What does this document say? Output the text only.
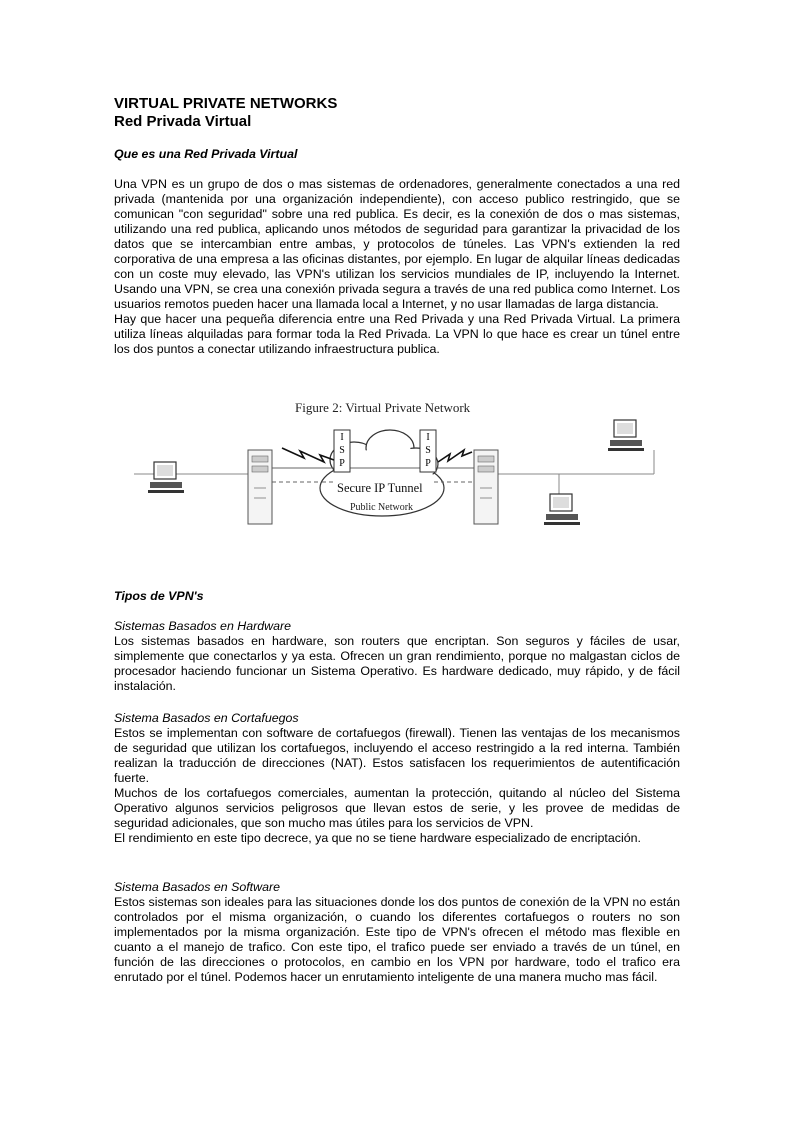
VIRTUAL PRIVATE NETWORKS
Red Privada Virtual
Que es una Red Privada Virtual

Una VPN es un grupo de dos o mas sistemas de ordenadores, generalmente conectados a una red privada (mantenida por una organización independiente), con acceso publico restringido, que se comunican "con seguridad" sobre una red publica. Es decir, es la conexión de dos o mas sistemas, utilizando una red publica, aplicando unos métodos de seguridad para garantizar la privacidad de los datos que se intercambian entre ambas, y protocolos de túneles. Las VPN's extienden la red corporativa de una empresa a las oficinas distantes, por ejemplo. En lugar de alquilar líneas dedicadas con un coste muy elevado, las VPN's utilizan los servicios mundiales de IP, incluyendo la Internet. Usando una VPN, se crea una conexión privada segura a través de una red publica como Internet. Los usuarios remotos pueden hacer una llamada local a Internet, y no usar llamadas de larga distancia.

Hay que hacer una pequeña diferencia entre una Red Privada y una Red Privada Virtual. La primera utiliza líneas alquiladas para formar toda la Red Privada. La VPN lo que hace es crear un túnel entre los dos puntos a conectar utilizando infraestructura publica.

Figure 2: Virtual Private Network
Secure IP Tunnel
Public Network
I
S
P
I
S
P
Tipos de VPN's

Sistemas Basados en Hardware

Los sistemas basados en hardware, son routers que encriptan. Son seguros y fáciles de usar, simplemente que conectarlos y ya esta. Ofrecen un gran rendimiento, porque no malgastan ciclos de procesador haciendo funcionar un Sistema Operativo. Es hardware dedicado, muy rápido, y de fácil instalación.

Sistema Basados en Cortafuegos

Estos se implementan con software de cortafuegos (firewall). Tienen las ventajas de los mecanismos de seguridad que utilizan los cortafuegos, incluyendo el acceso restringido a la red interna. También realizan la traducción de direcciones (NAT). Estos satisfacen los requerimientos de autentificación fuerte.

Muchos de los cortafuegos comerciales, aumentan la protección, quitando al núcleo del Sistema Operativo algunos servicios peligrosos que llevan estos de serie, y les provee de medidas de seguridad adicionales, que son mucho mas útiles para los servicios de VPN.

El rendimiento en este tipo decrece, ya que no se tiene hardware especializado de encriptación.

Sistema Basados en Software

Estos sistemas son ideales para las situaciones donde los dos puntos de conexión de la VPN no están controlados por el misma organización, o cuando los diferentes cortafuegos o routers no son implementados por la misma organización. Este tipo de VPN's ofrecen el método mas flexible en cuanto a el manejo de trafico. Con este tipo, el trafico puede ser enviado a través de un túnel, en función de las direcciones o protocolos, en cambio en los VPN por hardware, todo el trafico era enrutado por el túnel. Podemos hacer un enrutamiento inteligente de una manera mucho mas fácil.
